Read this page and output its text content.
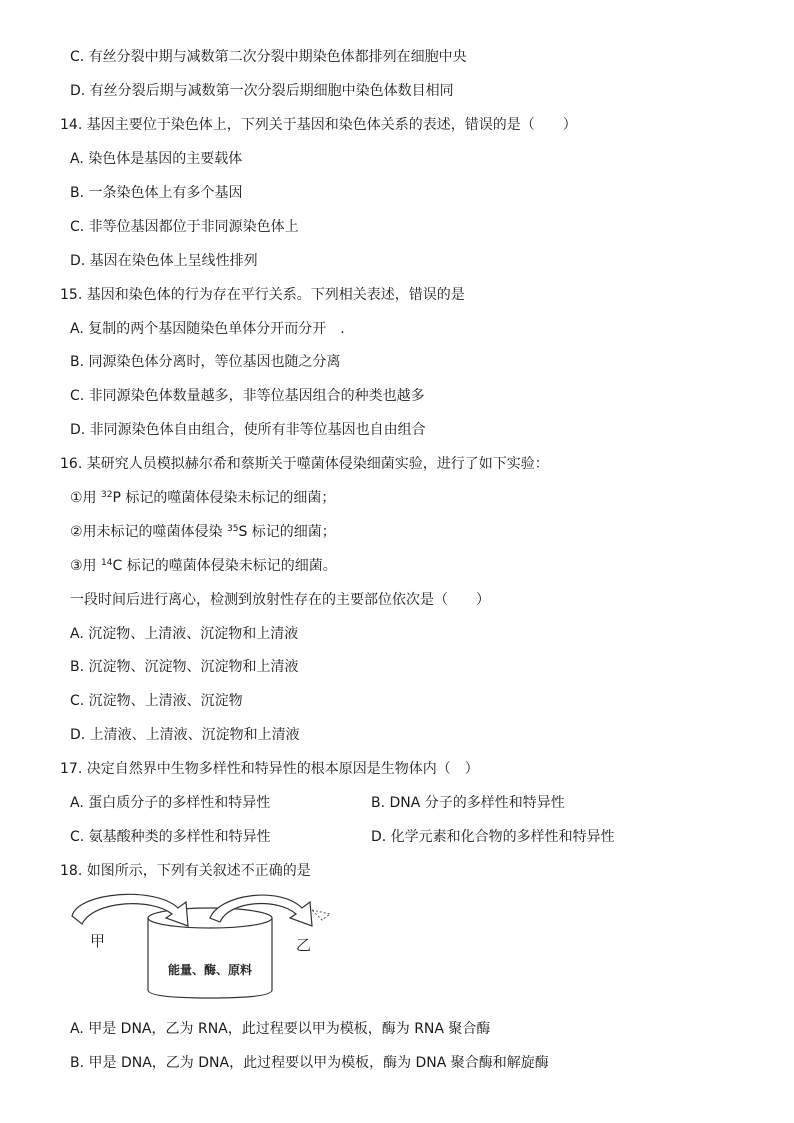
C. 有丝分裂中期与减数第二次分裂中期染色体都排列在细胞中央
D. 有丝分裂后期与减数第一次分裂后期细胞中染色体数目相同
14. 基因主要位于染色体上，下列关于基因和染色体关系的表述，错误的是（　　）
A. 染色体是基因的主要载体
B. 一条染色体上有多个基因
C. 非等位基因都位于非同源染色体上
D. 基因在染色体上呈线性排列
15. 基因和染色体的行为存在平行关系。下列相关表述，错误的是
A. 复制的两个基因随染色单体分开而分开　.
B. 同源染色体分离时，等位基因也随之分离
C. 非同源染色体数量越多，非等位基因组合的种类也越多
D. 非同源染色体自由组合，使所有非等位基因也自由组合
16. 某研究人员模拟赫尔希和蔡斯关于噬菌体侵染细菌实验，进行了如下实验：
①用 $^{32}$P 标记的噬菌体侵染未标记的细菌；
②用未标记的噬菌体侵染 $^{35}$S 标记的细菌；
③用 $^{14}$C 标记的噬菌体侵染未标记的细菌。
一段时间后进行离心，检测到放射性存在的主要部位依次是（　　）
A. 沉淀物、上清液、沉淀物和上清液
B. 沉淀物、沉淀物、沉淀物和上清液
C. 沉淀物、上清液、沉淀物
D. 上清液、上清液、沉淀物和上清液
17. 决定自然界中生物多样性和特异性的根本原因是生物体内（　）
A. 蛋白质分子的多样性和特异性	B. DNA 分子的多样性和特异性
C. 氨基酸种类的多样性和特异性	D. 化学元素和化合物的多样性和特异性
18. 如图所示，下列有关叙述不正确的是
甲	乙
能量、酶、原料
A. 甲是 DNA，乙为 RNA，此过程要以甲为模板，酶为 RNA 聚合酶
B. 甲是 DNA，乙为 DNA，此过程要以甲为模板，酶为 DNA 聚合酶和解旋酶
